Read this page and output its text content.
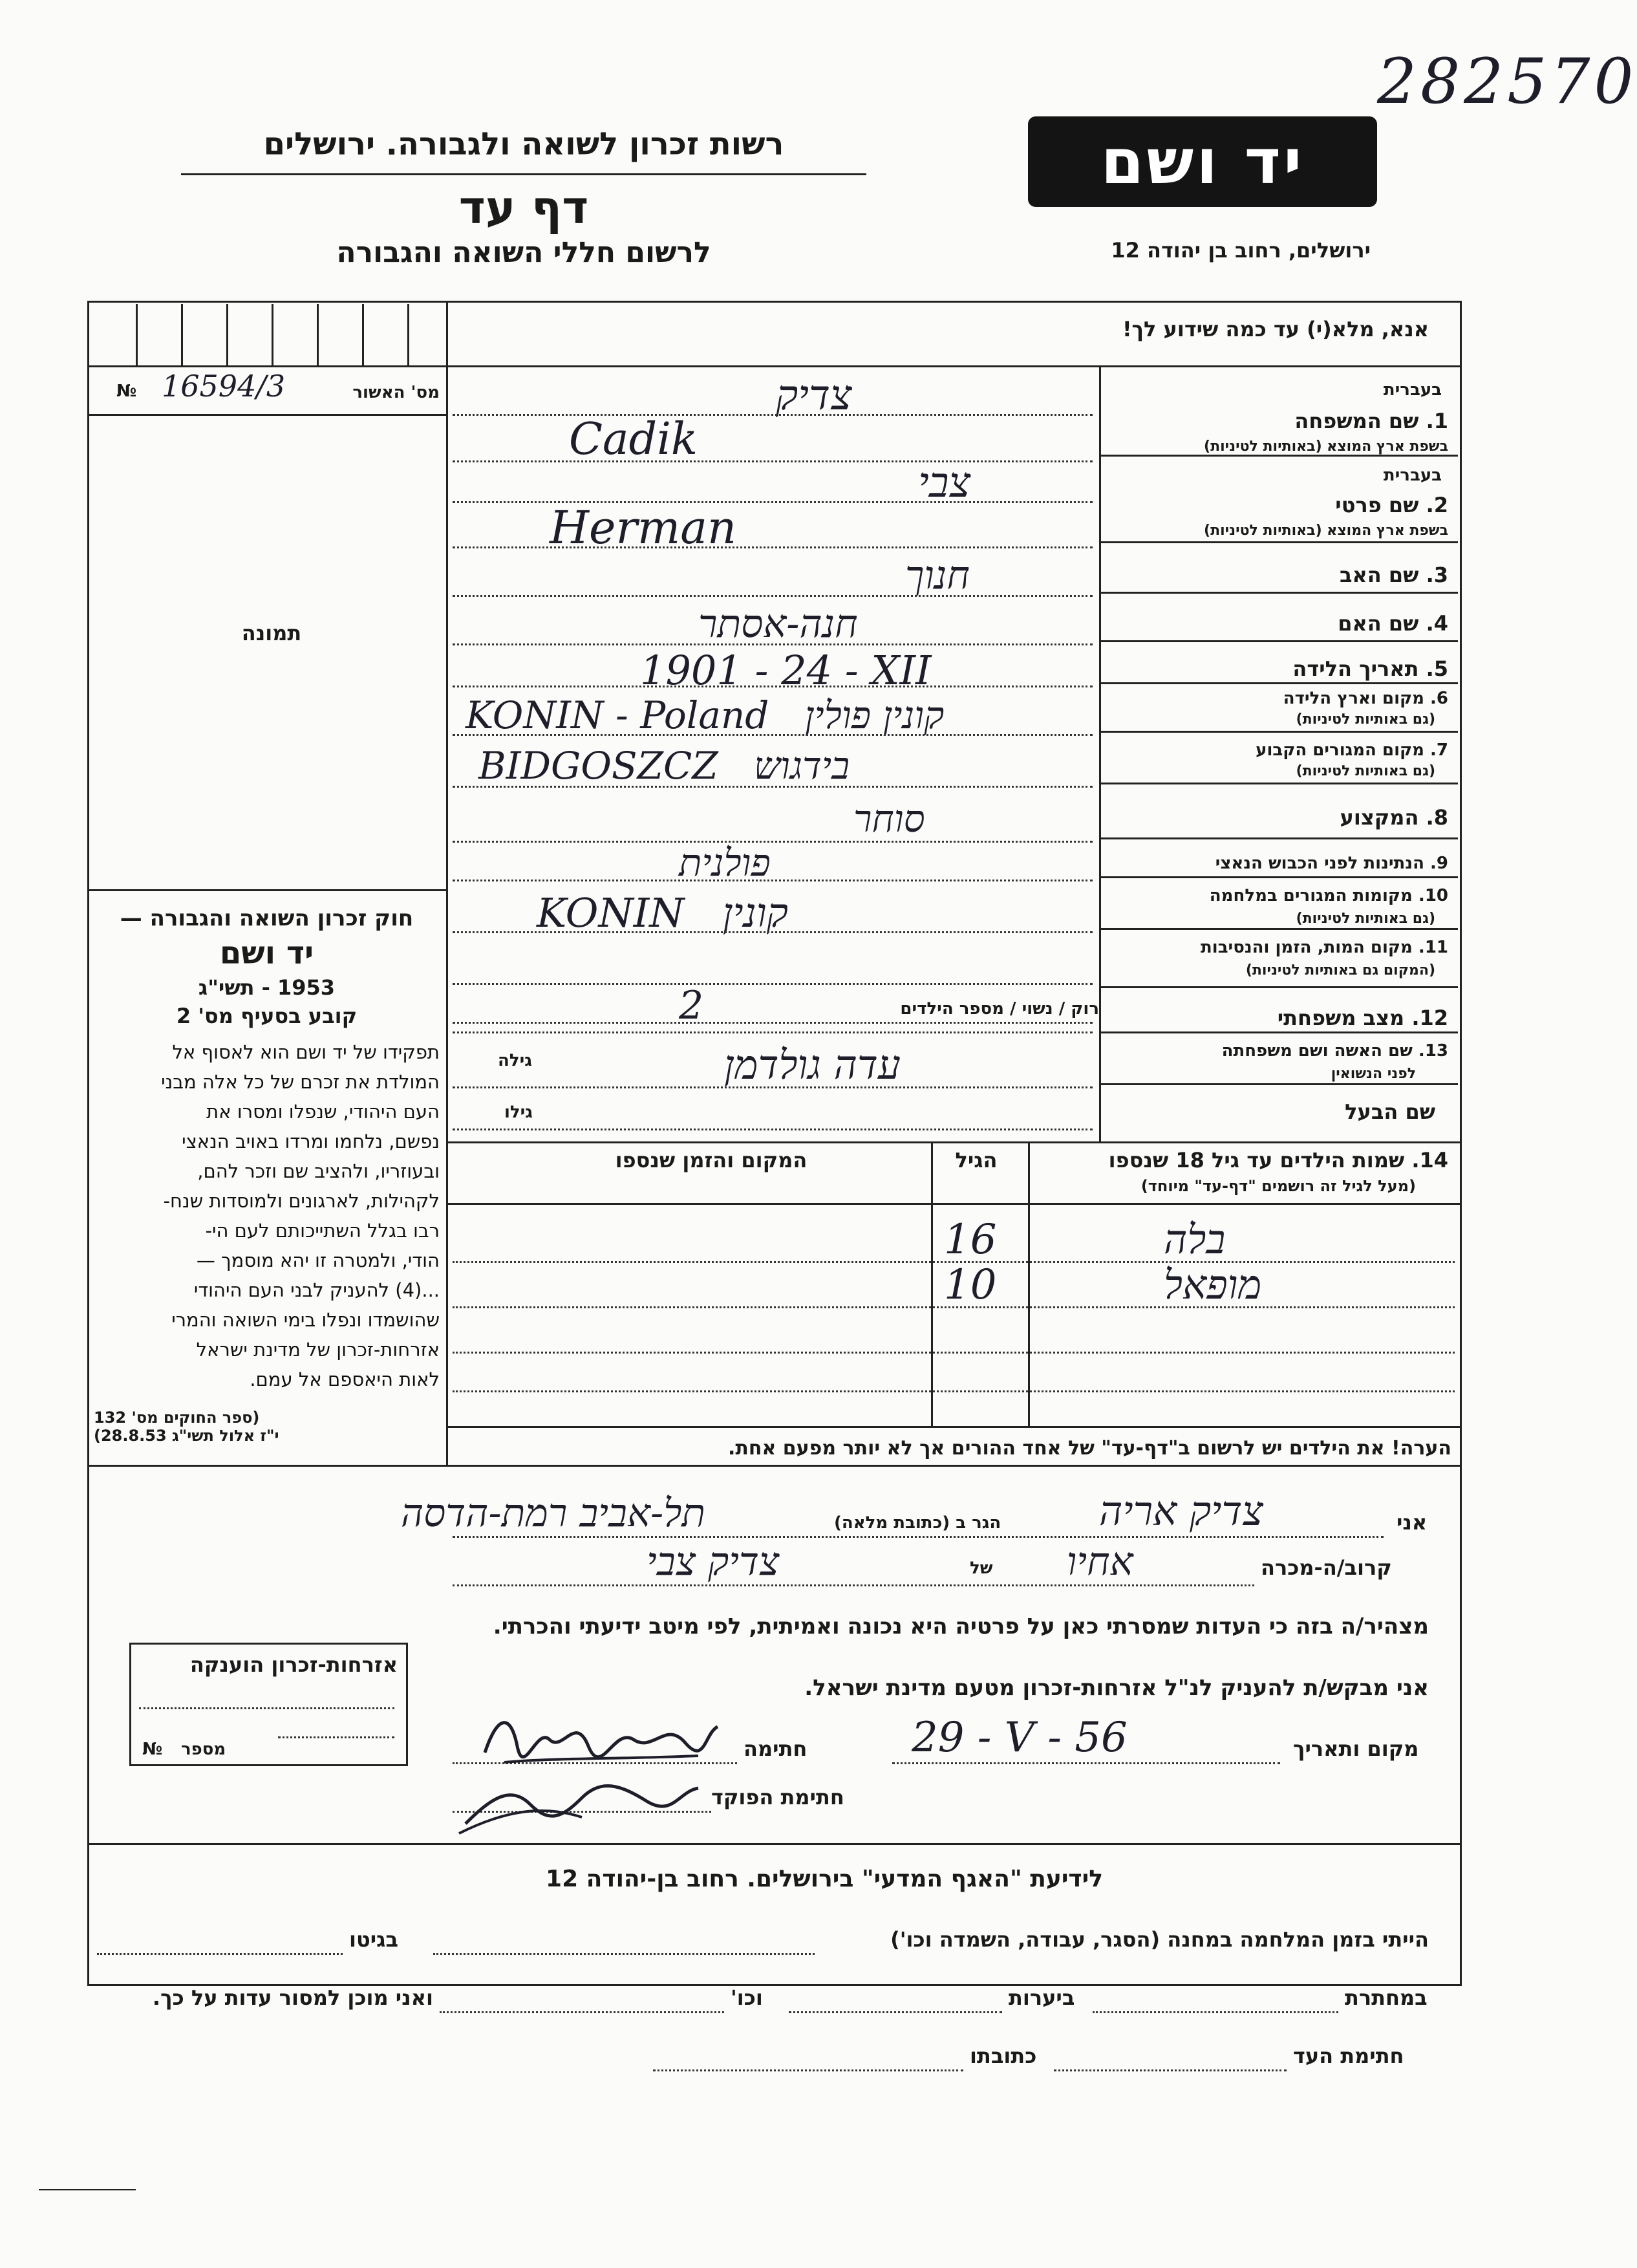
282570
רשות זכרון לשואה ולגבורה. ירושלים
דף עד
לרשום חללי השואה והגבורה
יד ושם
ירושלים, רחוב בן יהודה 12
№ 16594/3	מס' האשור
תמונה
אנא, מלא(י) עד כמה שידוע לך!
בעברית
1. שם המשפחה
בשפת ארץ המוצא (באותיות לטיניות)
בעברית
2. שם פרטי
בשפת ארץ המוצא (באותיות לטיניות)
3. שם האב
4. שם האם
5. תאריך הלידה
6. מקום וארץ הלידה
(גם באותיות לטיניות)
7. מקום המגורים הקבוע
(גם באותיות לטיניות)
8. המקצוע
9. הנתינות לפני הכבוש הנאצי
10. מקומות המגורים במלחמה
(גם באותיות לטיניות)
11. מקום המות, הזמן והנסיבות
(המקום גם באותיות לטיניות)
12. מצב משפחתי
13. שם האשה ושם משפחתה
לפני הנשואין
שם הבעל
צדיק
Cadik
צבי
Herman
חנוך
חנה-אסתר
1901 - 24 - XII
KONIN - Poland   קונין פולין
BIDGOSZCZ   בידגוש
סוחר
פולנית
KONIN   קונין
רוק / נשוי / מספר הילדים
2
גילה	עדה גולדמן
גילו
14. שמות הילדים עד גיל 18 שנספו
(מעל לגיל זה רושמים "דף-עד" מיוחד)
הגיל
המקום והזמן שנספו
בלה
16
מופאל
10
הערה! את הילדים יש לרשום ב"דף-עד" של אחד ההורים אך לא יותר מפעם אחת.
חוק זכרון השואה והגבורה —
יד ושם
1953 - תשי"ג
קובע בסעיף מס' 2
תפקידו של יד ושם הוא לאסוף אל
המולדת את זכרם של כל אלה מבני
העם היהודי, שנפלו ומסרו את
נפשם, נלחמו ומרדו באויב הנאצי
ובעוזריו, ולהציב שם וזכר להם,
לקהילות, לארגונים ולמוסדות שנח-
רבו בגלל השתייכותם לעם הי-
הודי, ולמטרה זו יהא מוסמך —
...(4) להעניק לבני העם היהודי
שהושמדו ונפלו בימי השואה והמרי
אזרחות-זכרון של מדינת ישראל
לאות היאספם אל עמם.
(ספר החוקים מס' 132
י"ז אלול תשי"ג 28.8.53)
אני
צדיק אריה
הגר ב (כתובת מלאה)
תל-אביב רמת-הדסה
קרוב/ה-מכרה
אחיו
של
צדיק צבי
מצהיר/ה בזה כי העדות שמסרתי כאן על פרטיה היא נכונה ואמיתית, לפי מיטב ידיעתי והכרתי.
אני מבקש/ת להעניק לנ"ל אזרחות-זכרון מטעם מדינת ישראל.
מקום ותאריך
29 - V - 56
חתימה
חתימת הפוקד
אזרחות-זכרון הוענקה
מספר
№
לידיעת "האגף המדעי" בירושלים. רחוב בן-יהודה 12
הייתי בזמן המלחמה במחנה (הסגר, עבודה, השמדה וכו')
בגיטו
במחתרת
ביערות
וכו'
ואני מוכן למסור עדות על כך.
חתימת העד
כתובתו
